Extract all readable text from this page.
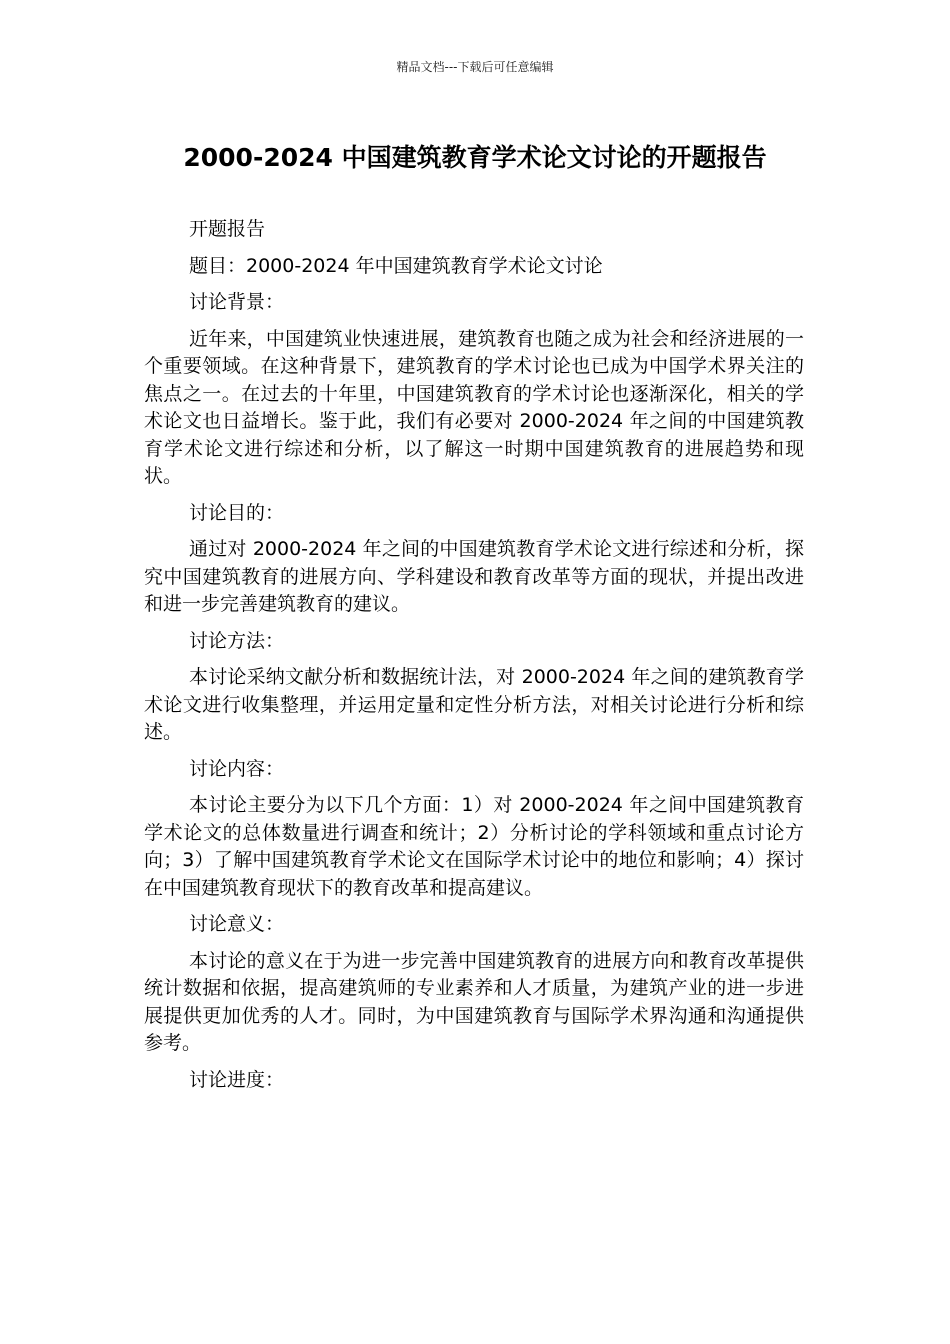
精品文档---下载后可任意编辑
2000-2024 中国建筑教育学术论文讨论的开题报告
开题报告
题目：2000-2024 年中国建筑教育学术论文讨论
讨论背景：
近年来，中国建筑业快速进展，建筑教育也随之成为社会和经济进展的一个重要领域。在这种背景下，建筑教育的学术讨论也已成为中国学术界关注的焦点之一。在过去的十年里，中国建筑教育的学术讨论也逐渐深化，相关的学术论文也日益增长。鉴于此，我们有必要对 2000-2024 年之间的中国建筑教育学术论文进行综述和分析，以了解这一时期中国建筑教育的进展趋势和现状。
讨论目的：
通过对 2000-2024 年之间的中国建筑教育学术论文进行综述和分析，探究中国建筑教育的进展方向、学科建设和教育改革等方面的现状，并提出改进和进一步完善建筑教育的建议。
讨论方法：
本讨论采纳文献分析和数据统计法，对 2000-2024 年之间的建筑教育学术论文进行收集整理，并运用定量和定性分析方法，对相关讨论进行分析和综述。
讨论内容：
本讨论主要分为以下几个方面：1）对 2000-2024 年之间中国建筑教育学术论文的总体数量进行调查和统计；2）分析讨论的学科领域和重点讨论方向；3）了解中国建筑教育学术论文在国际学术讨论中的地位和影响；4）探讨在中国建筑教育现状下的教育改革和提高建议。
讨论意义：
本讨论的意义在于为进一步完善中国建筑教育的进展方向和教育改革提供统计数据和依据，提高建筑师的专业素养和人才质量，为建筑产业的进一步进展提供更加优秀的人才。同时，为中国建筑教育与国际学术界沟通和沟通提供参考。
讨论进度：
